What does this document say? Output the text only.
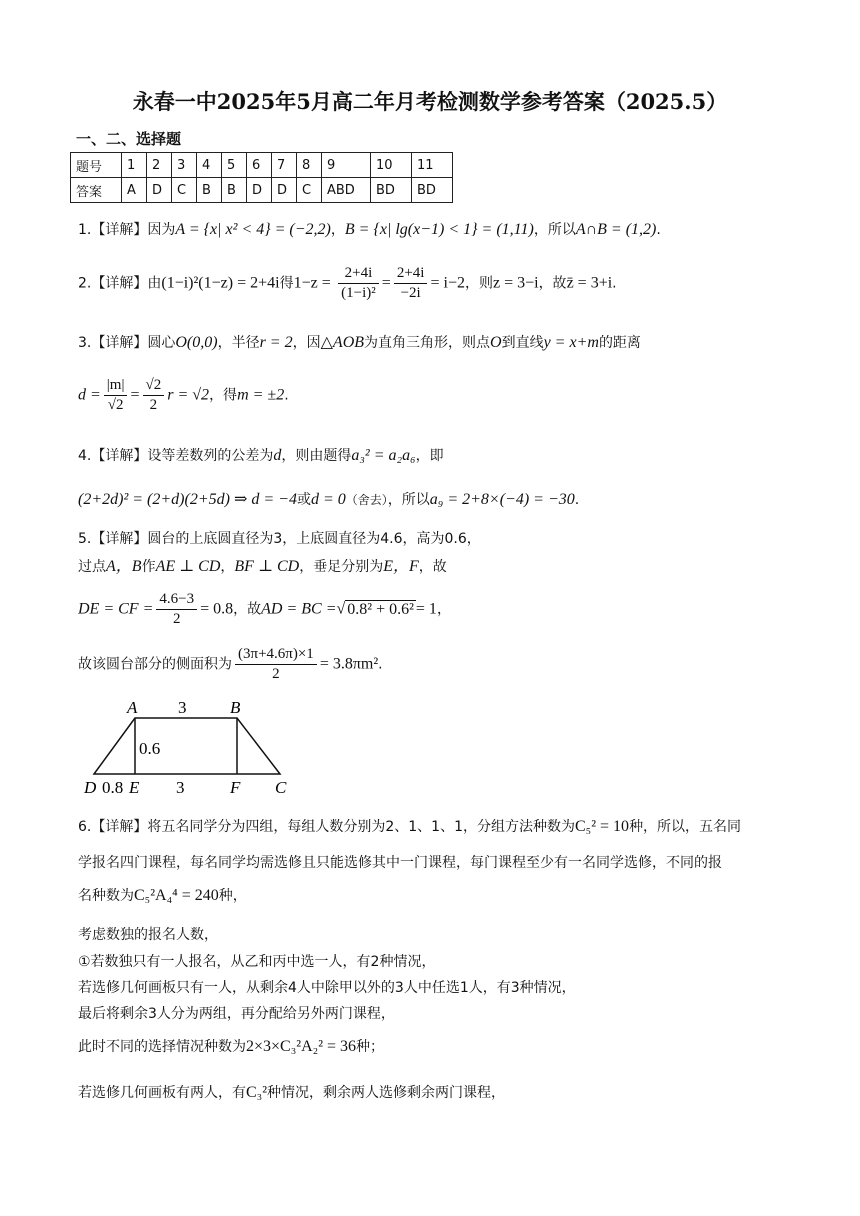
永春一中2025年5月高二年月考检测数学参考答案（2025.5）
一、二、选择题
题号	1	2	3	4	5	6	7	8	9	10	11
答案	A	D	C	B	B	D	D	C	ABD	BD	BD
1.【详解】因为A = {x| x² < 4} = (−2,2)，B = {x| lg(x−1) < 1} = (1,11)，所以A∩B = (1,2).
2.【详解】由(1−i)²(1−z) = 2+4i得$1-z = \frac{2+4i}{\text{(1−i)²}} = \frac{2+4i}{-2i} = i-2$，则z = 3−i，故z̄ = 3+i.
3.【详解】圆心O(0,0)，半径r = 2，因△AOB为直角三角形，则点O到直线y = x+m的距离
$d = \frac{|m|}{√2} = \frac{√2}{2}$ r = √2，得m = ±2.
4.【详解】设等差数列的公差为d，则由题得a₃² = a₂a₆，即
(2+2d)² = (2+d)(2+5d) ⇒ d = −4或d = 0（舍去），所以a₉ = 2+8×(−4) = −30.
5.【详解】圆台的上底圆直径为3，上底圆直径为4.6，高为0.6，
过点A，B作AE ⊥ CD，BF ⊥ CD，垂足分别为E，F，故
DE = CF = $\frac{4.6-3}{2} = 0.8$，故AD = BC =√ 0.8² + 0.6² = 1，
故该圆台部分的侧面积为 $\frac{(3\pi+4.6\pi)\times 1}{2} = 3.8\pi m^2$.
A	B
3
0.6
D 0.8 E 3	F C
6.【详解】将五名同学分为四组，每组人数分别为2、1、1、1，分组方法种数为C₅² = 10种，所以，五名同
学报名四门课程，每名同学均需选修且只能选修其中一门课程，每门课程至少有一名同学选修，不同的报
名种数为C₅²A₄⁴ = 240种，
考虑数独的报名人数，
①若数独只有一人报名，从乙和丙中选一人，有2种情况，
若选修几何画板只有一人，从剩余4人中除甲以外的3人中任选1人，有3种情况，
最后将剩余3人分为两组，再分配给另外两门课程，
此时不同的选择情况种数为2×3×C₃²A₂² = 36种；
若选修几何画板有两人，有C₃²种情况，剩余两人选修剩余两门课程，
